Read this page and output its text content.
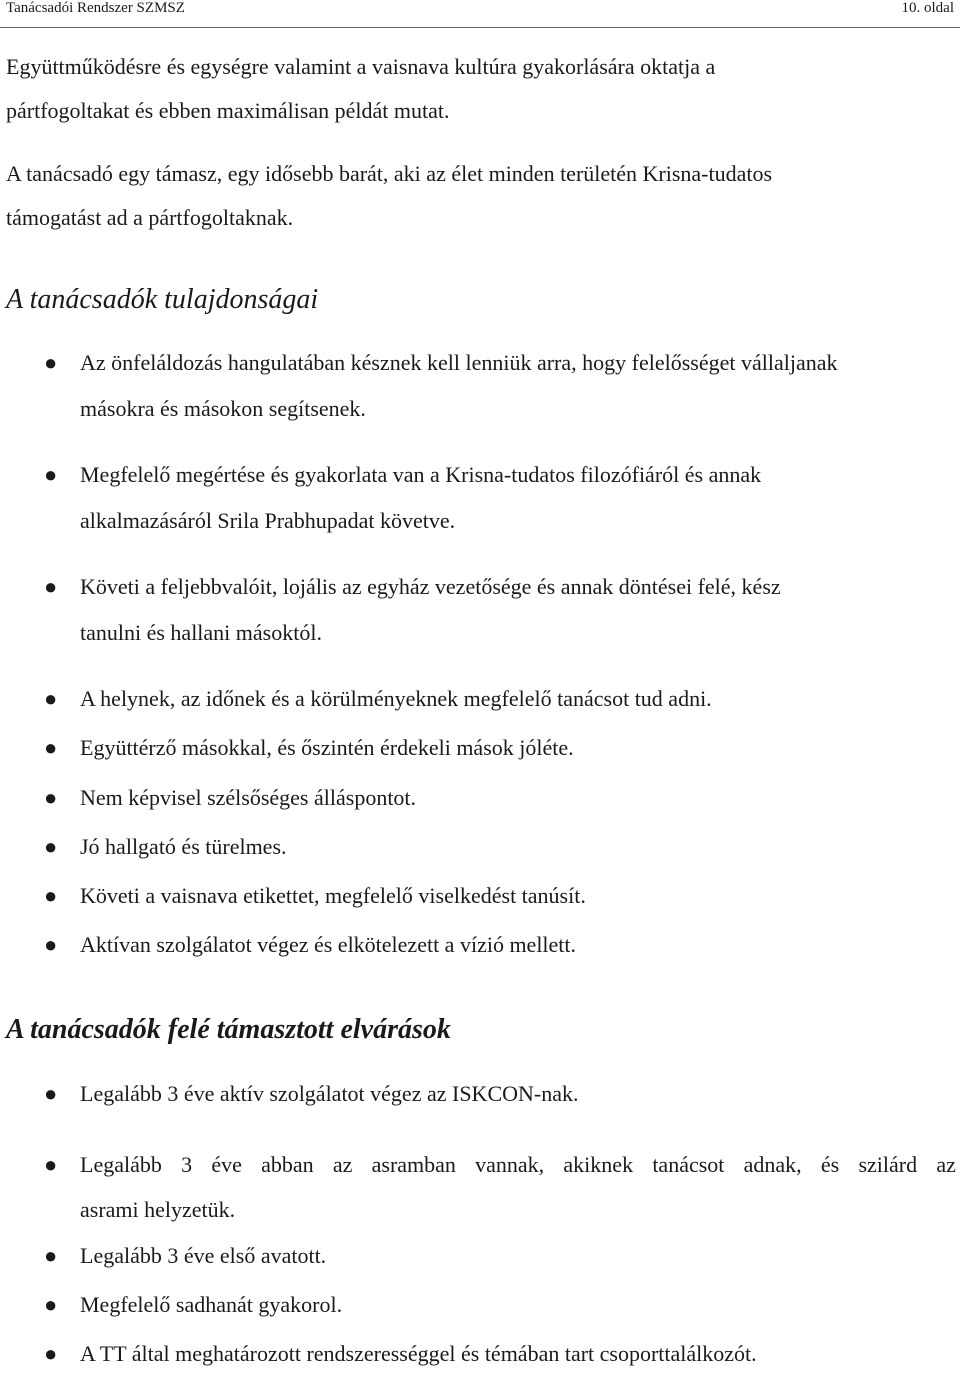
Tanácsadói Rendszer SZMSZ	10. oldal
Együttműködésre és egységre valamint a vaisnava kultúra gyakorlására oktatja a
pártfogoltakat és ebben maximálisan példát mutat.
A tanácsadó egy támasz, egy idősebb barát, aki az élet minden területén Krisna-tudatos
támogatást ad a pártfogoltaknak.
A tanácsadók tulajdonságai
● Az önfeláldozás hangulatában késznek kell lenniük arra, hogy felelősséget vállaljanak
másokra és másokon segítsenek.
● Megfelelő megértése és gyakorlata van a Krisna-tudatos filozófiáról és annak
alkalmazásáról Srila Prabhupadat követve.
● Követi a feljebbvalóit, lojális az egyház vezetősége és annak döntései felé, kész
tanulni és hallani másoktól.
● A helynek, az időnek és a körülményeknek megfelelő tanácsot tud adni.
● Együttérző másokkal, és őszintén érdekeli mások jóléte.
● Nem képvisel szélsőséges álláspontot.
● Jó hallgató és türelmes.
● Követi a vaisnava etikettet, megfelelő viselkedést tanúsít.
● Aktívan szolgálatot végez és elkötelezett a vízió mellett.
A tanácsadók felé támasztott elvárások
● Legalább 3 éve aktív szolgálatot végez az ISKCON-nak.
● Legalább 3 éve abban az asramban vannak, akiknek tanácsot adnak, és szilárd az
asrami helyzetük.
● Legalább 3 éve első avatott.
● Megfelelő sadhanát gyakorol.
● A TT által meghatározott rendszerességgel és témában tart csoporttalálkozót.
